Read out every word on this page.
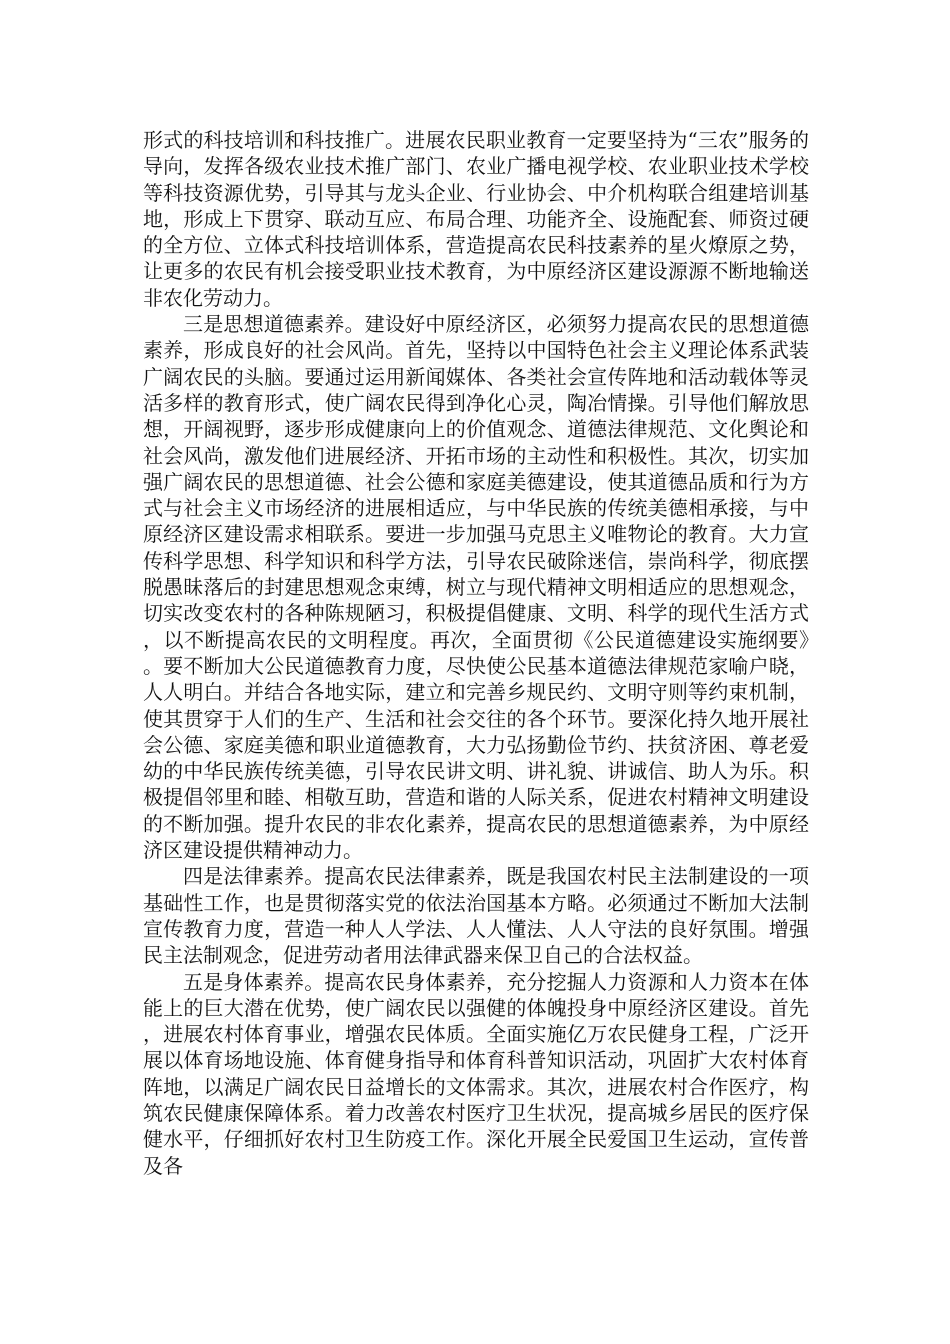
形式的科技培训和科技推广。进展农民职业教育一定要坚持为“三农”服务的导向，发挥各级农业技术推广部门、农业广播电视学校、农业职业技术学校等科技资源优势，引导其与龙头企业、行业协会、中介机构联合组建培训基地，形成上下贯穿、联动互应、布局合理、功能齐全、设施配套、师资过硬的全方位、立体式科技培训体系，营造提高农民科技素养的星火燎原之势，让更多的农民有机会接受职业技术教育，为中原经济区建设源源不断地输送非农化劳动力。

三是思想道德素养。建设好中原经济区，必须努力提高农民的思想道德素养，形成良好的社会风尚。首先，坚持以中国特色社会主义理论体系武装广阔农民的头脑。要通过运用新闻媒体、各类社会宣传阵地和活动载体等灵活多样的教育形式，使广阔农民得到净化心灵，陶冶情操。引导他们解放思想，开阔视野，逐步形成健康向上的价值观念、道德法律规范、文化舆论和社会风尚，激发他们进展经济、开拓市场的主动性和积极性。其次，切实加强广阔农民的思想道德、社会公德和家庭美德建设，使其道德品质和行为方式与社会主义市场经济的进展相适应，与中华民族的传统美德相承接，与中原经济区建设需求相联系。要进一步加强马克思主义唯物论的教育。大力宣传科学思想、科学知识和科学方法，引导农民破除迷信，崇尚科学，彻底摆脱愚昧落后的封建思想观念束缚，树立与现代精神文明相适应的思想观念，切实改变农村的各种陈规陋习，积极提倡健康、文明、科学的现代生活方式，以不断提高农民的文明程度。再次，全面贯彻《公民道德建设实施纲要》。要不断加大公民道德教育力度，尽快使公民基本道德法律规范家喻户晓，人人明白。并结合各地实际，建立和完善乡规民约、文明守则等约束机制，使其贯穿于人们的生产、生活和社会交往的各个环节。要深化持久地开展社会公德、家庭美德和职业道德教育，大力弘扬勤俭节约、扶贫济困、尊老爱幼的中华民族传统美德，引导农民讲文明、讲礼貌、讲诚信、助人为乐。积极提倡邻里和睦、相敬互助，营造和谐的人际关系，促进农村精神文明建设的不断加强。提升农民的非农化素养，提高农民的思想道德素养，为中原经济区建设提供精神动力。

四是法律素养。提高农民法律素养，既是我国农村民主法制建设的一项基础性工作，也是贯彻落实党的依法治国基本方略。必须通过不断加大法制宣传教育力度，营造一种人人学法、人人懂法、人人守法的良好氛围。增强民主法制观念，促进劳动者用法律武器来保卫自己的合法权益。

五是身体素养。提高农民身体素养，充分挖掘人力资源和人力资本在体能上的巨大潜在优势，使广阔农民以强健的体魄投身中原经济区建设。首先，进展农村体育事业，增强农民体质。全面实施亿万农民健身工程，广泛开展以体育场地设施、体育健身指导和体育科普知识活动，巩固扩大农村体育阵地，以满足广阔农民日益增长的文体需求。其次，进展农村合作医疗，构筑农民健康保障体系。着力改善农村医疗卫生状况，提高城乡居民的医疗保健水平，仔细抓好农村卫生防疫工作。深化开展全民爱国卫生运动，宣传普及各
